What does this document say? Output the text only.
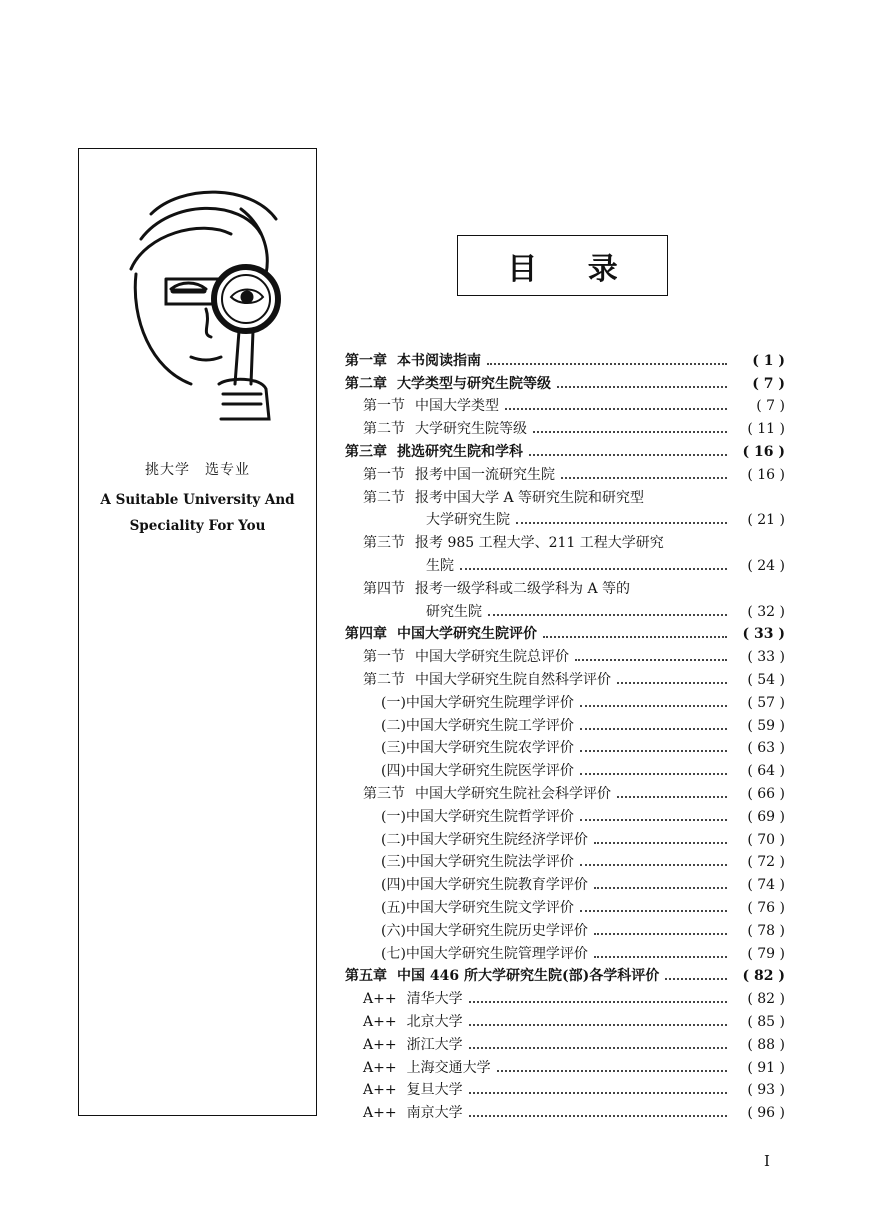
挑大学　选专业
A Suitable University And
Speciality For You
目 录
第一章 本书阅读指南	( 1 )
第二章 大学类型与研究生院等级	( 7 )
第一节 中国大学类型	( 7 )
第二节 大学研究生院等级	( 11 )
第三章 挑选研究生院和学科	( 16 )
第一节 报考中国一流研究生院	( 16 )
第二节 报考中国大学 A 等研究生院和研究型
大学研究生院	( 21 )
第三节 报考 985 工程大学、211 工程大学研究
生院	( 24 )
第四节 报考一级学科或二级学科为 A 等的
研究生院	( 32 )
第四章 中国大学研究生院评价	( 33 )
第一节 中国大学研究生院总评价	( 33 )
第二节 中国大学研究生院自然科学评价	( 54 )
(一)中国大学研究生院理学评价	( 57 )
(二)中国大学研究生院工学评价	( 59 )
(三)中国大学研究生院农学评价	( 63 )
(四)中国大学研究生院医学评价	( 64 )
第三节 中国大学研究生院社会科学评价	( 66 )
(一)中国大学研究生院哲学评价	( 69 )
(二)中国大学研究生院经济学评价	( 70 )
(三)中国大学研究生院法学评价	( 72 )
(四)中国大学研究生院教育学评价	( 74 )
(五)中国大学研究生院文学评价	( 76 )
(六)中国大学研究生院历史学评价	( 78 )
(七)中国大学研究生院管理学评价	( 79 )
第五章 中国 446 所大学研究生院(部)各学科评价	( 82 )
A++ 清华大学	( 82 )
A++ 北京大学	( 85 )
A++ 浙江大学	( 88 )
A++ 上海交通大学	( 91 )
A++ 复旦大学	( 93 )
A++ 南京大学	( 96 )
I
